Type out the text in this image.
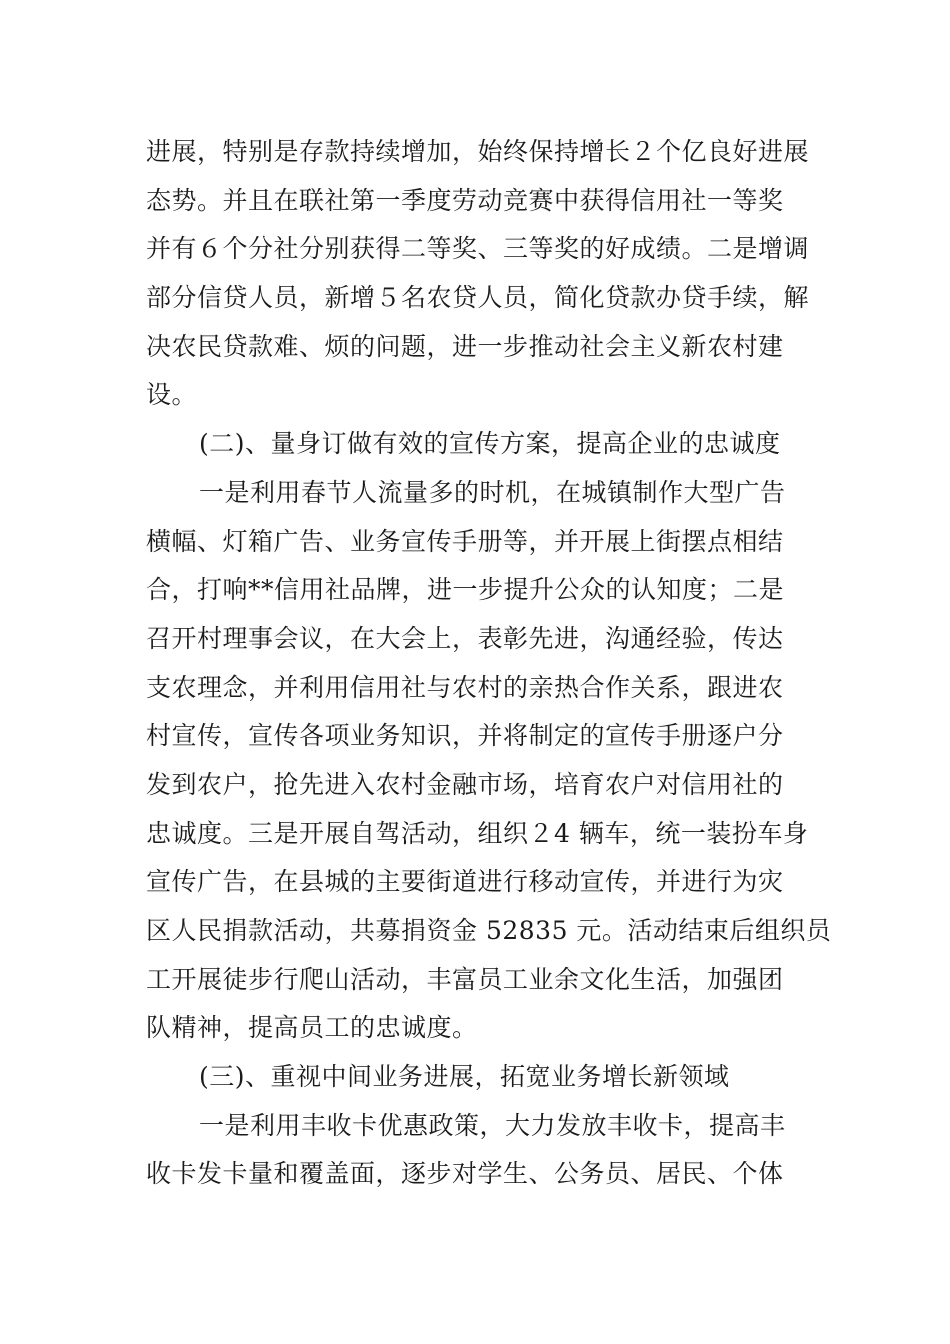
进展，特别是存款持续增加，始终保持增长２个亿良好进展
态势。并且在联社第一季度劳动竞赛中获得信用社一等奖
并有６个分社分别获得二等奖、三等奖的好成绩。二是增调
部分信贷人员，新增５名农贷人员，简化贷款办贷手续，解
决农民贷款难、烦的问题，进一步推动社会主义新农村建
设。
(二)、量身订做有效的宣传方案，提高企业的忠诚度
一是利用春节人流量多的时机，在城镇制作大型广告
横幅、灯箱广告、业务宣传手册等，并开展上街摆点相结
合，打响**信用社品牌，进一步提升公众的认知度；二是
召开村理事会议，在大会上，表彰先进，沟通经验，传达
支农理念，并利用信用社与农村的亲热合作关系，跟进农
村宣传，宣传各项业务知识，并将制定的宣传手册逐户分
发到农户，抢先进入农村金融市场，培育农户对信用社的
忠诚度。三是开展自驾活动，组织２4 辆车，统一装扮车身
宣传广告，在县城的主要街道进行移动宣传，并进行为灾
区人民捐款活动，共募捐资金 52835 元。活动结束后组织员
工开展徒步行爬山活动，丰富员工业余文化生活，加强团
队精神，提高员工的忠诚度。
(三)、重视中间业务进展，拓宽业务增长新领域
一是利用丰收卡优惠政策，大力发放丰收卡，提高丰
收卡发卡量和覆盖面，逐步对学生、公务员、居民、个体
